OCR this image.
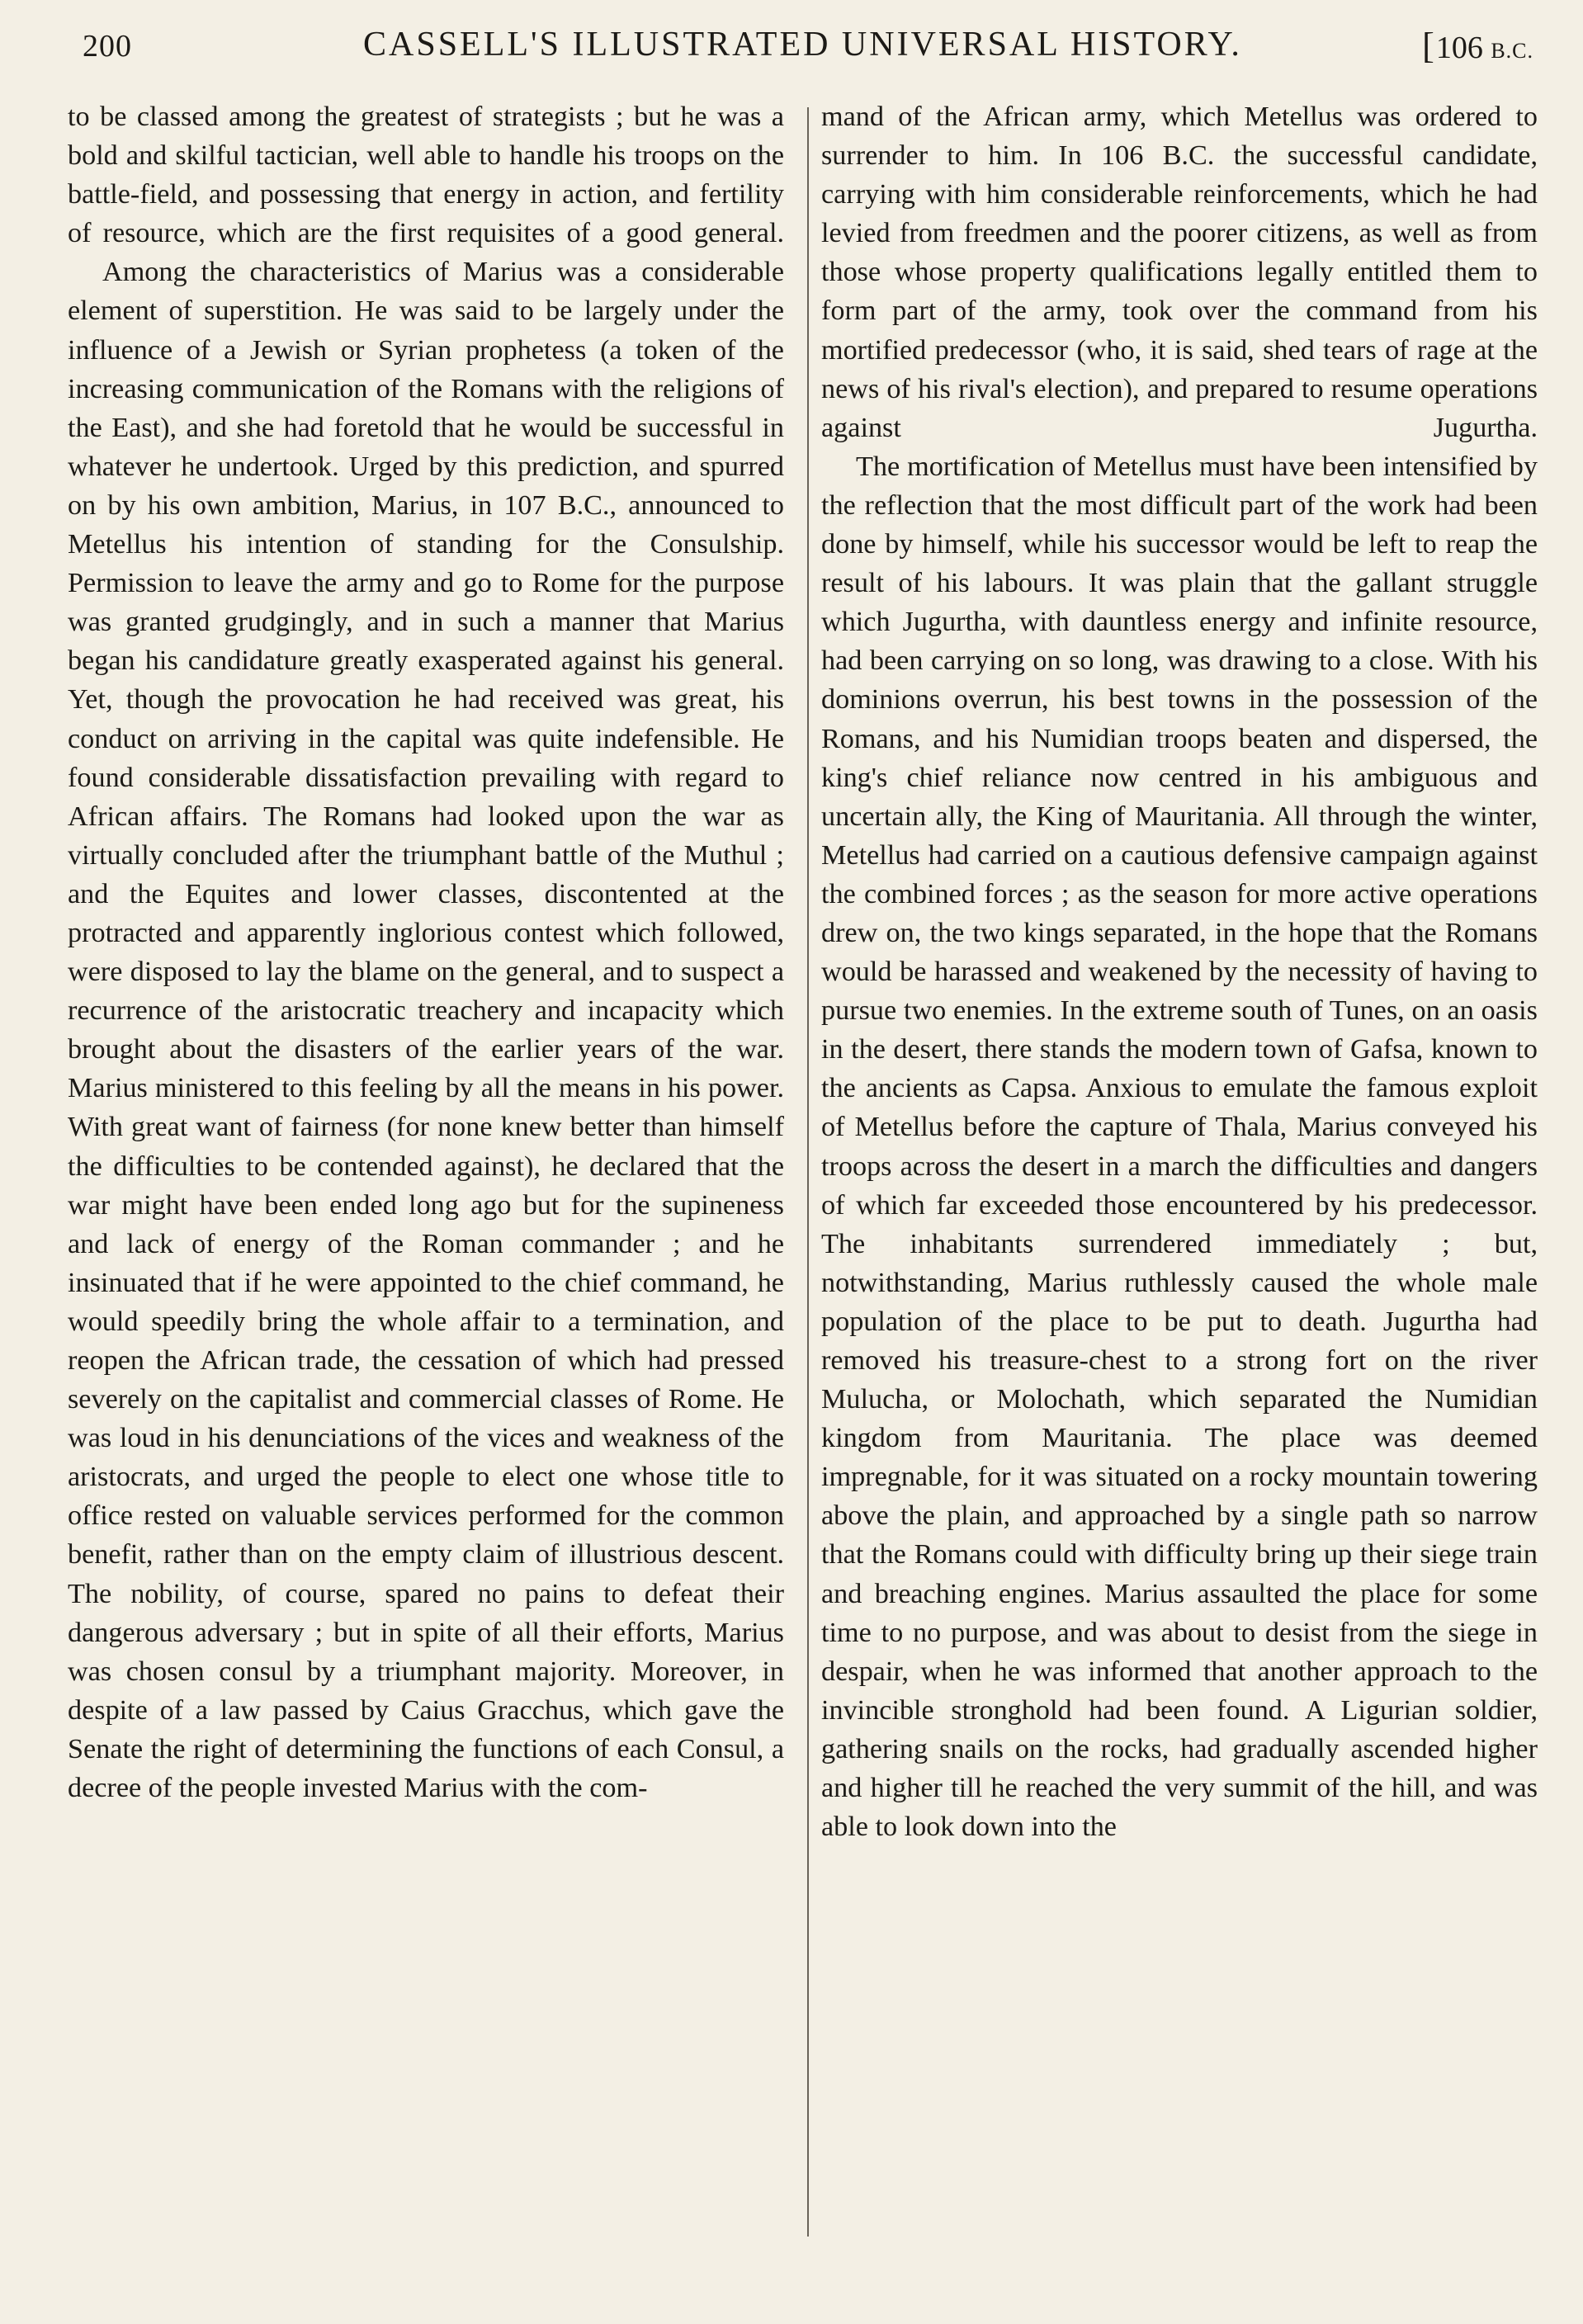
200	CASSELL'S ILLUSTRATED UNIVERSAL HISTORY.	[106 B.C.

to be classed among the greatest of strategists ; but he was a bold and skilful tactician, well able to handle his troops on the battle-field, and possessing that energy in action, and fertility of resource, which are the first requisites of a good general.

Among the characteristics of Marius was a considerable element of superstition. He was said to be largely under the influence of a Jewish or Syrian prophetess (a token of the increasing communication of the Romans with the religions of the East), and she had foretold that he would be successful in whatever he undertook. Urged by this prediction, and spurred on by his own ambition, Marius, in 107 B.C., announced to Metellus his intention of standing for the Consulship. Permission to leave the army and go to Rome for the purpose was granted grudgingly, and in such a manner that Marius began his candidature greatly exasperated against his general. Yet, though the provocation he had received was great, his conduct on arriving in the capital was quite indefensible. He found considerable dissatisfaction prevailing with regard to African affairs. The Romans had looked upon the war as virtually concluded after the triumphant battle of the Muthul ; and the Equites and lower classes, discontented at the protracted and apparently inglorious contest which followed, were disposed to lay the blame on the general, and to suspect a recurrence of the aristocratic treachery and incapacity which brought about the disasters of the earlier years of the war. Marius ministered to this feeling by all the means in his power. With great want of fairness (for none knew better than himself the difficulties to be contended against), he declared that the war might have been ended long ago but for the supineness and lack of energy of the Roman commander ; and he insinuated that if he were appointed to the chief command, he would speedily bring the whole affair to a termination, and reopen the African trade, the cessation of which had pressed severely on the capitalist and commercial classes of Rome. He was loud in his denunciations of the vices and weakness of the aristocrats, and urged the people to elect one whose title to office rested on valuable services performed for the common benefit, rather than on the empty claim of illustrious descent. The nobility, of course, spared no pains to defeat their dangerous adversary ; but in spite of all their efforts, Marius was chosen consul by a triumphant majority. Moreover, in despite of a law passed by Caius Gracchus, which gave the Senate the right of determining the functions of each Consul, a decree of the people invested Marius with the com-

mand of the African army, which Metellus was ordered to surrender to him. In 106 B.C. the successful candidate, carrying with him considerable reinforcements, which he had levied from freedmen and the poorer citizens, as well as from those whose property qualifications legally entitled them to form part of the army, took over the command from his mortified predecessor (who, it is said, shed tears of rage at the news of his rival's election), and prepared to resume operations against Jugurtha.

The mortification of Metellus must have been intensified by the reflection that the most difficult part of the work had been done by himself, while his successor would be left to reap the result of his labours. It was plain that the gallant struggle which Jugurtha, with dauntless energy and infinite resource, had been carrying on so long, was drawing to a close. With his dominions overrun, his best towns in the possession of the Romans, and his Numidian troops beaten and dispersed, the king's chief reliance now centred in his ambiguous and uncertain ally, the King of Mauritania. All through the winter, Metellus had carried on a cautious defensive campaign against the combined forces ; as the season for more active operations drew on, the two kings separated, in the hope that the Romans would be harassed and weakened by the necessity of having to pursue two enemies. In the extreme south of Tunes, on an oasis in the desert, there stands the modern town of Gafsa, known to the ancients as Capsa. Anxious to emulate the famous exploit of Metellus before the capture of Thala, Marius conveyed his troops across the desert in a march the difficulties and dangers of which far exceeded those encountered by his predecessor. The inhabitants surrendered immediately ; but, notwithstanding, Marius ruthlessly caused the whole male population of the place to be put to death. Jugurtha had removed his treasure-chest to a strong fort on the river Mulucha, or Molochath, which separated the Numidian kingdom from Mauritania. The place was deemed impregnable, for it was situated on a rocky mountain towering above the plain, and approached by a single path so narrow that the Romans could with difficulty bring up their siege train and breaching engines. Marius assaulted the place for some time to no purpose, and was about to desist from the siege in despair, when he was informed that another approach to the invincible stronghold had been found. A Ligurian soldier, gathering snails on the rocks, had gradually ascended higher and higher till he reached the very summit of the hill, and was able to look down into the
